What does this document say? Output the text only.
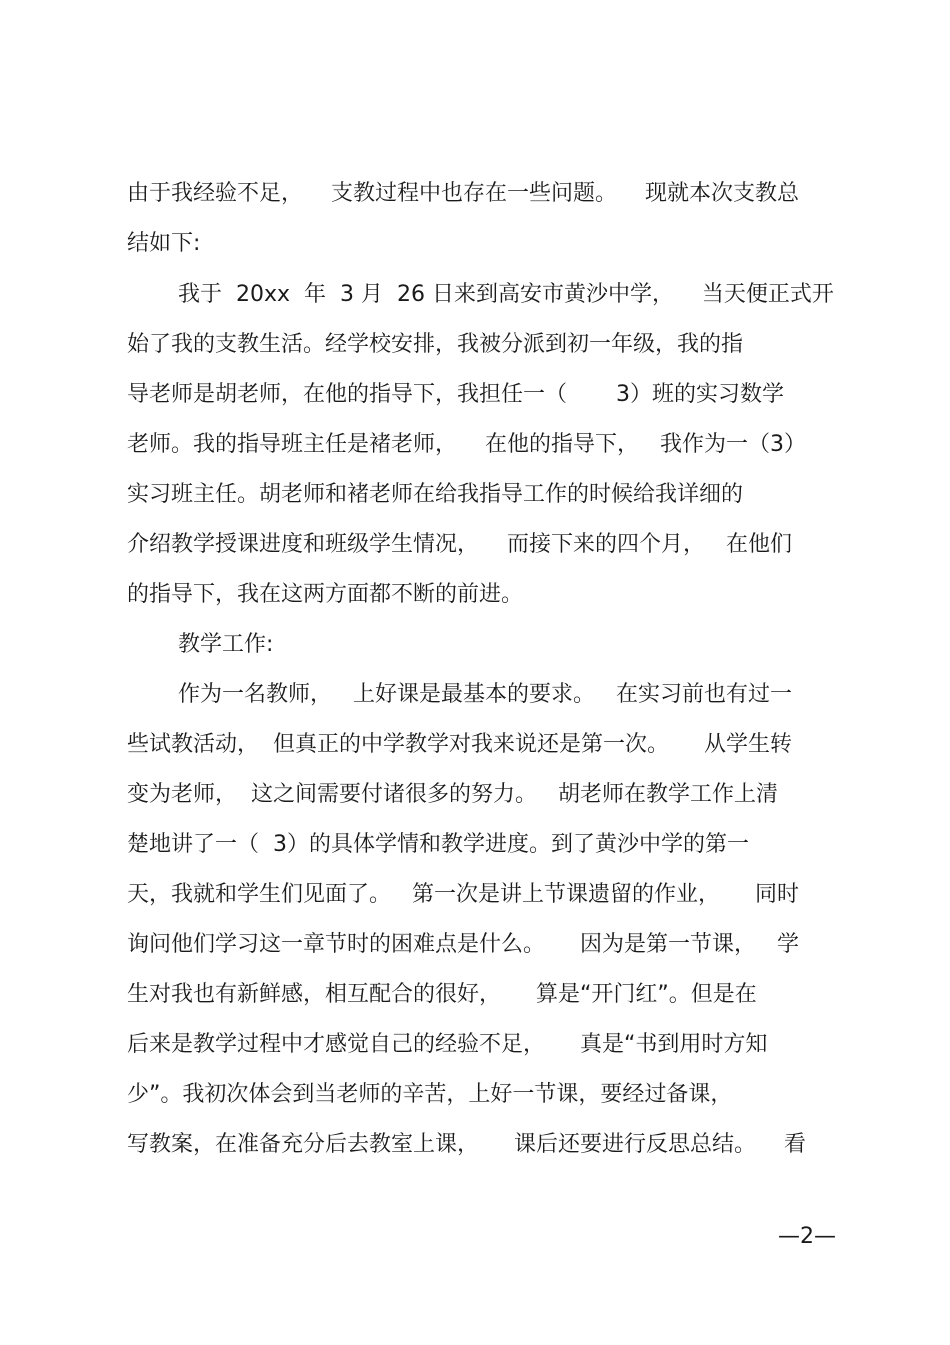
由于我经验不足，    支教过程中也存在一些问题。    现就本次支教总
结如下:
我于  20xx  年  3 月  26 日来到高安市黄沙中学，    当天便正式开
始了我的支教生活。经学校安排，我被分派到初一年级，我的指
导老师是胡老师，在他的指导下，我担任一（       3）班的实习数学
老师。我的指导班主任是褚老师，    在他的指导下，   我作为一（3）
实习班主任。胡老师和褚老师在给我指导工作的时候给我详细的
介绍教学授课进度和班级学生情况，    而接下来的四个月，   在他们
的指导下，我在这两方面都不断的前进。
教学工作:
作为一名教师，   上好课是最基本的要求。   在实习前也有过一
些试教活动，  但真正的中学教学对我来说还是第一次。     从学生转
变为老师，  这之间需要付诸很多的努力。   胡老师在教学工作上清
楚地讲了一（  3）的具体学情和教学进度。到了黄沙中学的第一
天，我就和学生们见面了。   第一次是讲上节课遗留的作业，     同时
询问他们学习这一章节时的困难点是什么。     因为是第一节课，   学
生对我也有新鲜感，相互配合的很好，     算是“开门红”。但是在
后来是教学过程中才感觉自己的经验不足，     真是“书到用时方知
少”。我初次体会到当老师的辛苦，上好一节课，要经过备课，
写教案，在准备充分后去教室上课，     课后还要进行反思总结。    看
—2—
